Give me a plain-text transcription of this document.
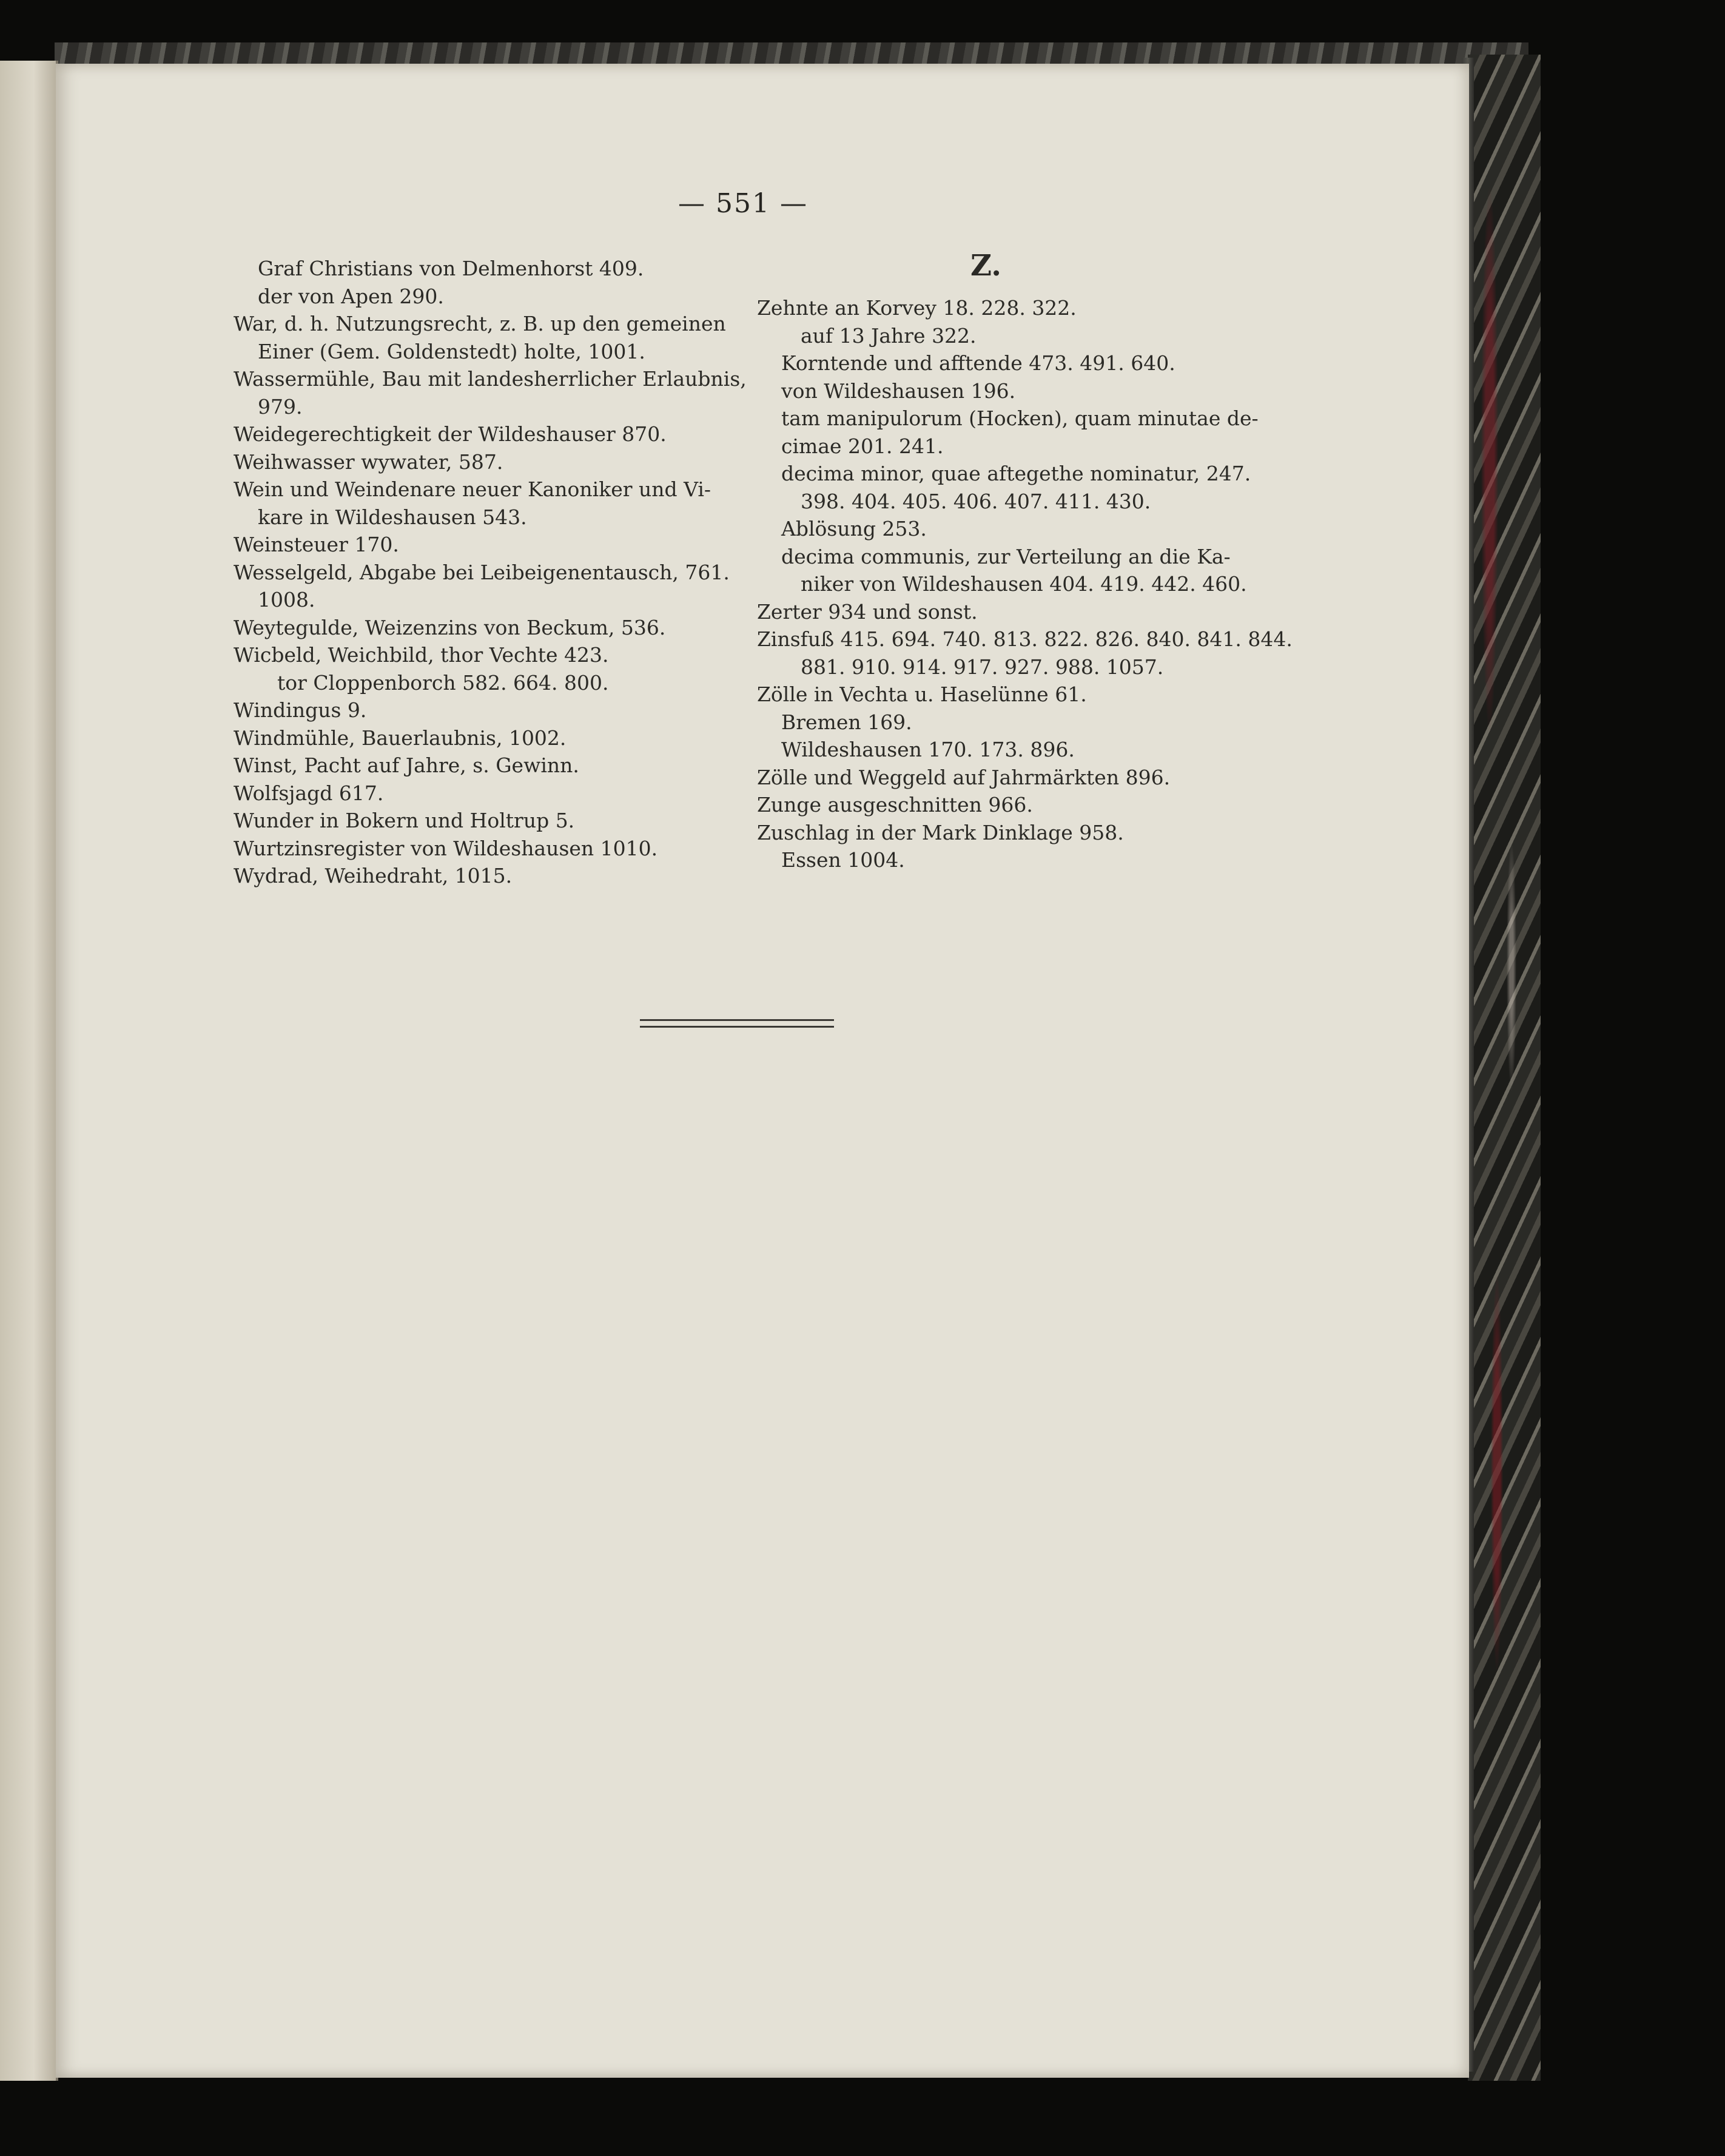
— 551 —

Graf Christians von Delmenhorst 409.

der von Apen 290.

War, d. h. Nutzungsrecht, z. B. up den gemeinen

Einer (Gem. Goldenstedt) holte, 1001.

Wassermühle, Bau mit landesherrlicher Erlaubnis,

979.

Weidegerechtigkeit der Wildeshauser 870.

Weihwasser wywater, 587.

Wein und Weindenare neuer Kanoniker und Vi-

kare in Wildeshausen 543.

Weinsteuer 170.

Wesselgeld, Abgabe bei Leibeigenentausch, 761.

1008.

Weytegulde, Weizenzins von Beckum, 536.

Wicbeld, Weichbild, thor Vechte 423.

tor Cloppenborch 582. 664. 800.

Windingus 9.

Windmühle, Bauerlaubnis, 1002.

Winst, Pacht auf Jahre, s. Gewinn.

Wolfsjagd 617.

Wunder in Bokern und Holtrup 5.

Wurtzinsregister von Wildeshausen 1010.

Wydrad, Weihedraht, 1015.

Z.

Zehnte an Korvey 18. 228. 322.

auf 13 Jahre 322.

Korntende und afftende 473. 491. 640.

von Wildeshausen 196.

tam manipulorum (Hocken), quam minutae de-

cimae 201. 241.

decima minor, quae aftegethe nominatur, 247.

398. 404. 405. 406. 407. 411. 430.

Ablösung 253.

decima communis, zur Verteilung an die Ka-

niker von Wildeshausen 404. 419. 442. 460.

Zerter 934 und sonst.

Zinsfuß 415. 694. 740. 813. 822. 826. 840. 841. 844.

881. 910. 914. 917. 927. 988. 1057.

Zölle in Vechta u. Haselünne 61.

Bremen 169.

Wildeshausen 170. 173. 896.

Zölle und Weggeld auf Jahrmärkten 896.

Zunge ausgeschnitten 966.

Zuschlag in der Mark Dinklage 958.

Essen 1004.
